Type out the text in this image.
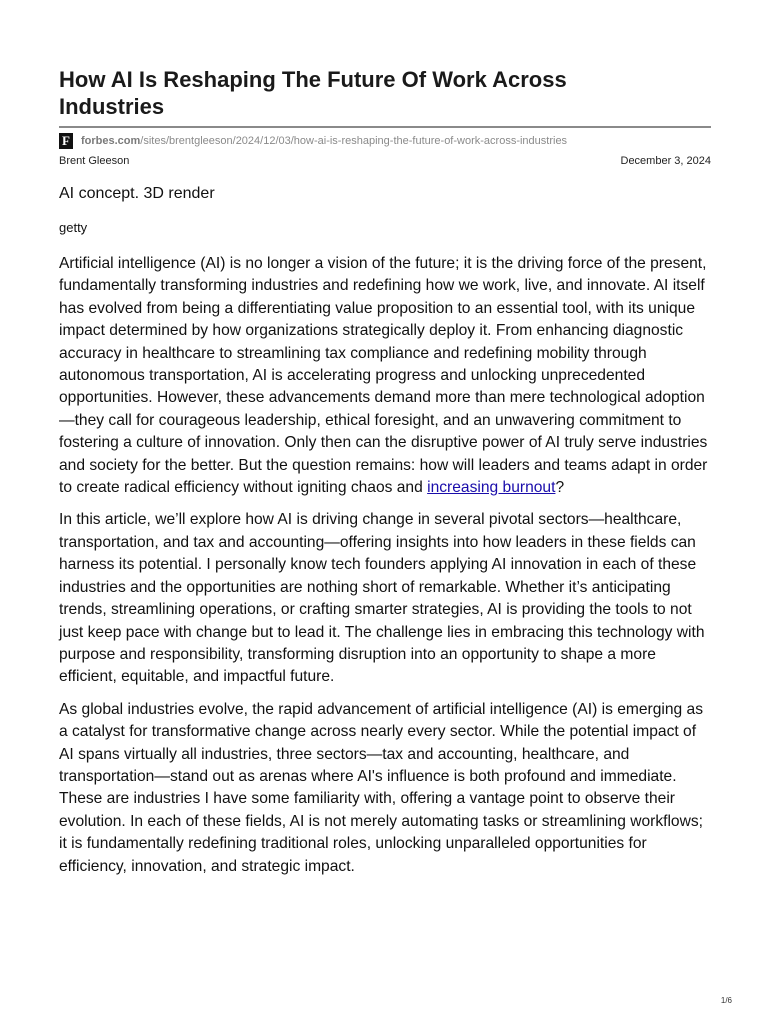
How AI Is Reshaping The Future Of Work Across Industries
F forbes.com/sites/brentgleeson/2024/12/03/how-ai-is-reshaping-the-future-of-work-across-industries
Brent Gleeson	December 3, 2024
AI concept. 3D render
getty

Artificial intelligence (AI) is no longer a vision of the future; it is the driving force of the present, fundamentally transforming industries and redefining how we work, live, and innovate. AI itself has evolved from being a differentiating value proposition to an essential tool, with its unique impact determined by how organizations strategically deploy it. From enhancing diagnostic accuracy in healthcare to streamlining tax compliance and redefining mobility through autonomous transportation, AI is accelerating progress and unlocking unprecedented opportunities. However, these advancements demand more than mere technological adoption—they call for courageous leadership, ethical foresight, and an unwavering commitment to fostering a culture of innovation. Only then can the disruptive power of AI truly serve industries and society for the better. But the question remains: how will leaders and teams adapt in order to create radical efficiency without igniting chaos and increasing burnout?

In this article, we’ll explore how AI is driving change in several pivotal sectors—healthcare, transportation, and tax and accounting—offering insights into how leaders in these fields can harness its potential. I personally know tech founders applying AI innovation in each of these industries and the opportunities are nothing short of remarkable. Whether it’s anticipating trends, streamlining operations, or crafting smarter strategies, AI is providing the tools to not just keep pace with change but to lead it. The challenge lies in embracing this technology with purpose and responsibility, transforming disruption into an opportunity to shape a more efficient, equitable, and impactful future.

As global industries evolve, the rapid advancement of artificial intelligence (AI) is emerging as a catalyst for transformative change across nearly every sector. While the potential impact of AI spans virtually all industries, three sectors—tax and accounting, healthcare, and transportation—stand out as arenas where AI's influence is both profound and immediate. These are industries I have some familiarity with, offering a vantage point to observe their evolution. In each of these fields, AI is not merely automating tasks or streamlining workflows; it is fundamentally redefining traditional roles, unlocking unparalleled opportunities for efficiency, innovation, and strategic impact.

1/6
